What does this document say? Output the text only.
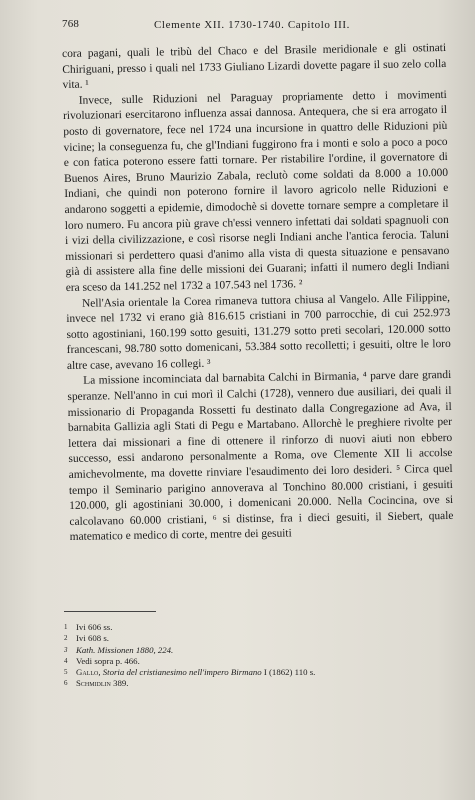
768	Clemente XII. 1730-1740. Capitolo III.

cora pagani, quali le tribù del Chaco e del Brasile meridionale e gli ostinati Chiriguani, presso i quali nel 1733 Giuliano Lizardi dovette pagare il suo zelo colla vita. ¹

Invece, sulle Riduzioni nel Paraguay propriamente detto i movimenti rivoluzionari esercitarono influenza assai dannosa. Antequera, che si era arrogato il posto di governatore, fece nel 1724 una incursione in quattro delle Riduzioni più vicine; la conseguenza fu, che gl'Indiani fuggirono fra i monti e solo a poco a poco e con fatica poterono essere fatti tornare. Per ristabilire l'ordine, il governatore di Buenos Aires, Bruno Maurizio Zabala, reclutò come soldati da 8.000 a 10.000 Indiani, che quindi non poterono fornire il lavoro agricolo nelle Riduzioni e andarono soggetti a epidemie, dimodochè si dovette tornare sempre a completare il loro numero. Fu ancora più grave ch'essi vennero infettati dai soldati spagnuoli con i vizi della civilizzazione, e così risorse negli Indiani anche l'antica ferocia. Taluni missionari si perdettero quasi d'animo alla vista di questa situazione e pensavano già di assistere alla fine delle missioni dei Guarani; infatti il numero degli Indiani era sceso da 141.252 nel 1732 a 107.543 nel 1736. ²

Nell'Asia orientale la Corea rimaneva tuttora chiusa al Vangelo. Alle Filippine, invece nel 1732 vi erano già 816.615 cristiani in 700 parrocchie, di cui 252.973 sotto agostiniani, 160.199 sotto gesuiti, 131.279 sotto preti secolari, 120.000 sotto francescani, 98.780 sotto domenicani, 53.384 sotto recolletti; i gesuiti, oltre le loro altre case, avevano 16 collegi. ³

La missione incominciata dal barnabita Calchi in Birmania, ⁴ parve dare grandi speranze. Nell'anno in cui morì il Calchi (1728), vennero due ausiliari, dei quali il missionario di Propaganda Rossetti fu destinato dalla Congregazione ad Ava, il barnabita Gallizia agli Stati di Pegu e Martabano. Allorchè le preghiere rivolte per lettera dai missionari a fine di ottenere il rinforzo di nuovi aiuti non ebbero successo, essi andarono personalmente a Roma, ove Clemente XII li accolse amichevolmente, ma dovette rinviare l'esaudimento dei loro desideri. ⁵ Circa quel tempo il Seminario parigino annoverava al Tonchino 80.000 cristiani, i gesuiti 120.000, gli agostiniani 30.000, i domenicani 20.000. Nella Cocincina, ove si calcolavano 60.000 cristiani, ⁶ si distinse, fra i dieci gesuiti, il Siebert, quale matematico e medico di corte, mentre dei gesuiti

1 Ivi 606 ss.
2 Ivi 608 s.
3 Kath. Missionen 1880, 224.
4 Vedi sopra p. 466.
5 Gallo, Storia del cristianesimo nell'impero Birmano I (1862) 110 s.
6 Schmidlin 389.
